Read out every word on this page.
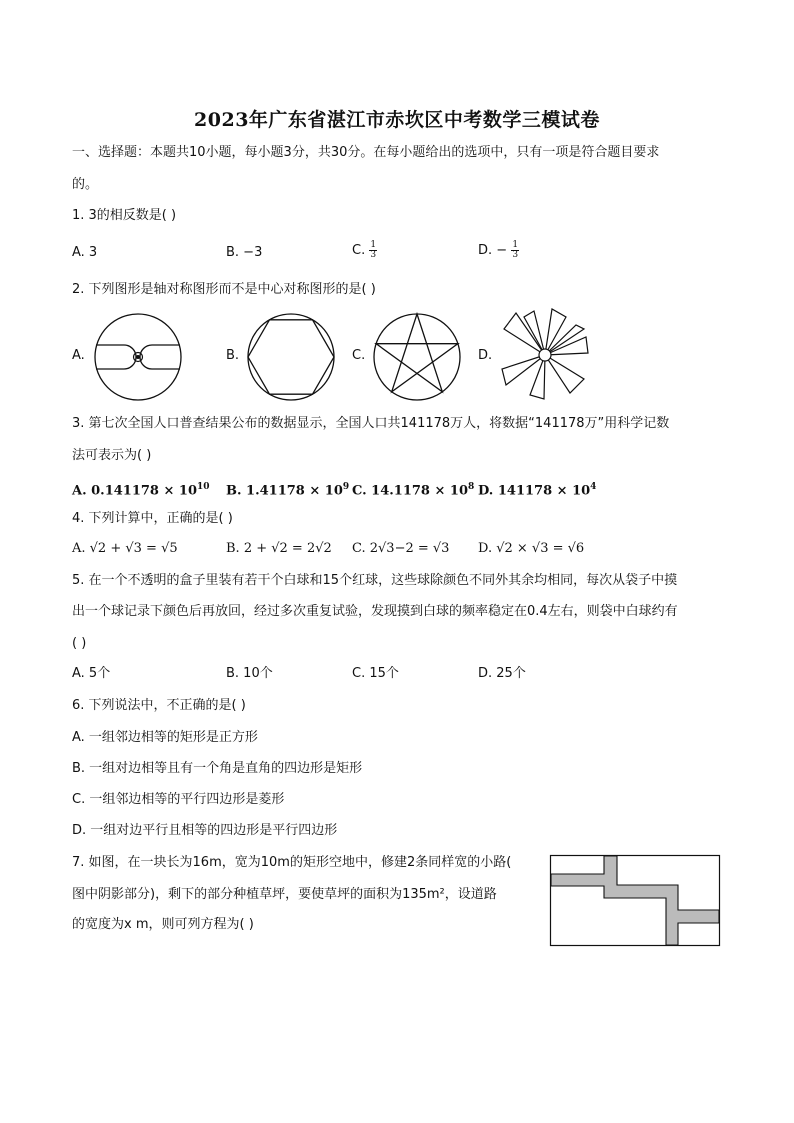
2023年广东省湛江市赤坎区中考数学三模试卷
一、选择题：本题共10小题，每小题3分，共30分。在每小题给出的选项中，只有一项是符合题目要求
的。
1. 3的相反数是( )
A. 3	B. −3	C. $\frac{1}{3}$	D. − $\frac{1}{3}$
2. 下列图形是轴对称图形而不是中心对称图形的是( )
A.	B.	C.	D.
3. 第七次全国人口普查结果公布的数据显示，全国人口共141178万人，将数据“141178万”用科学记数
法可表示为( )
A. $0.141178 \times 10^{10}$ B. $1.41178 \times 10^9$ C. $14.1178 \times 10^8$ D. $141178 \times 10^4$
4. 下列计算中，正确的是( )
A. √2 + √3 = √5	B. 2 + √2 = 2√2 C. 2√3−2 = √3 D. √2 × √3 = √6
5. 在一个不透明的盒子里装有若干个白球和15个红球，这些球除颜色不同外其余均相同，每次从袋子中摸
出一个球记录下颜色后再放回，经过多次重复试验，发现摸到白球的频率稳定在0.4左右，则袋中白球约有
( )
A. 5个	B. 10个	C. 15个	D. 25个
6. 下列说法中，不正确的是( )
A. 一组邻边相等的矩形是正方形
B. 一组对边相等且有一个角是直角的四边形是矩形
C. 一组邻边相等的平行四边形是菱形
D. 一组对边平行且相等的四边形是平行四边形
7. 如图，在一块长为16m，宽为10m的矩形空地中，修建2条同样宽的小路(
图中阴影部分)，剩下的部分种植草坪，要使草坪的面积为135m²，设道路
的宽度为x m，则可列方程为( )
